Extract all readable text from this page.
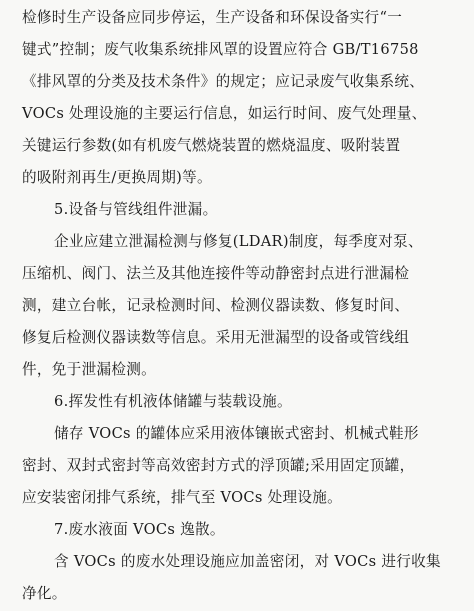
检修时生产设备应同步停运，生产设备和环保设备实行“一
键式”控制；废气收集系统排风罩的设置应符合 GB/T16758
《排风罩的分类及技术条件》的规定；应记录废气收集系统、
VOCs 处理设施的主要运行信息，如运行时间、废气处理量、
关键运行参数(如有机废气燃烧装置的燃烧温度、吸附装置
的吸附剂再生/更换周期)等。
5.设备与管线组件泄漏。
企业应建立泄漏检测与修复(LDAR)制度，每季度对泵、
压缩机、阀门、法兰及其他连接件等动静密封点进行泄漏检
测，建立台帐，记录检测时间、检测仪器读数、修复时间、
修复后检测仪器读数等信息。采用无泄漏型的设备或管线组
件，免于泄漏检测。
6.挥发性有机液体储罐与装载设施。
储存 VOCs 的罐体应采用液体镶嵌式密封、机械式鞋形
密封、双封式密封等高效密封方式的浮顶罐;采用固定顶罐，
应安装密闭排气系统，排气至 VOCs 处理设施。
7.废水液面 VOCs 逸散。
含 VOCs 的废水处理设施应加盖密闭，对 VOCs 进行收集
净化。
